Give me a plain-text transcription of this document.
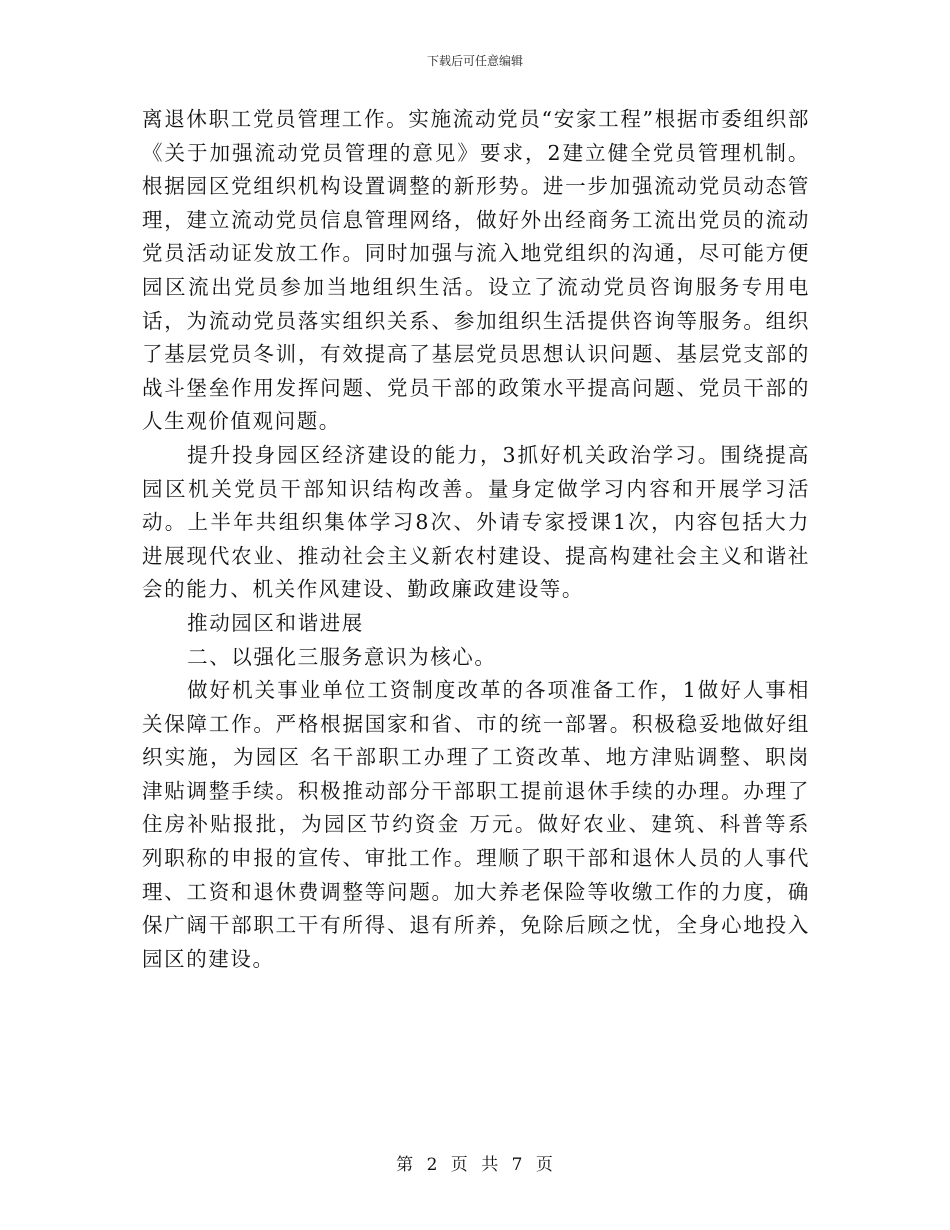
下载后可任意编辑

离退休职工党员管理工作。实施流动党员“安家工程”根据市委组织部《关于加强流动党员管理的意见》要求，2建立健全党员管理机制。根据园区党组织机构设置调整的新形势。进一步加强流动党员动态管理，建立流动党员信息管理网络，做好外出经商务工流出党员的流动党员活动证发放工作。同时加强与流入地党组织的沟通，尽可能方便园区流出党员参加当地组织生活。设立了流动党员咨询服务专用电话，为流动党员落实组织关系、参加组织生活提供咨询等服务。组织了基层党员冬训，有效提高了基层党员思想认识问题、基层党支部的战斗堡垒作用发挥问题、党员干部的政策水平提高问题、党员干部的人生观价值观问题。

提升投身园区经济建设的能力，3抓好机关政治学习。围绕提高园区机关党员干部知识结构改善。量身定做学习内容和开展学习活动。上半年共组织集体学习8次、外请专家授课1次，内容包括大力进展现代农业、推动社会主义新农村建设、提高构建社会主义和谐社会的能力、机关作风建设、勤政廉政建设等。

推动园区和谐进展

二、以强化三服务意识为核心。

做好机关事业单位工资制度改革的各项准备工作，1做好人事相关保障工作。严格根据国家和省、市的统一部署。积极稳妥地做好组织实施，为园区 名干部职工办理了工资改革、地方津贴调整、职岗津贴调整手续。积极推动部分干部职工提前退休手续的办理。办理了住房补贴报批，为园区节约资金 万元。做好农业、建筑、科普等系列职称的申报的宣传、审批工作。理顺了职干部和退休人员的人事代理、工资和退休费调整等问题。加大养老保险等收缴工作的力度，确保广阔干部职工干有所得、退有所养，免除后顾之忧，全身心地投入园区的建设。

第 2 页 共 7 页
